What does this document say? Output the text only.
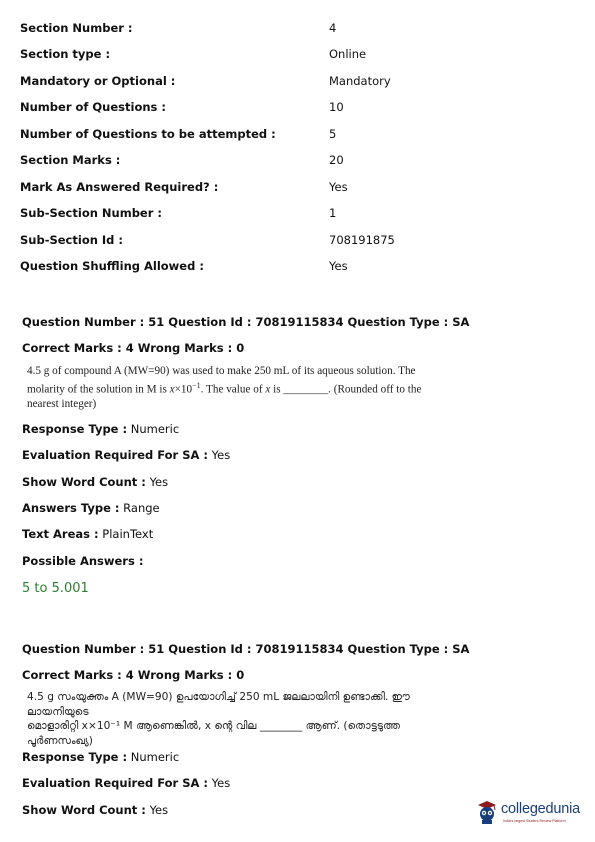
Section Number :	4
Section type :	Online
Mandatory or Optional :	Mandatory
Number of Questions :	10
Number of Questions to be attempted :	5
Section Marks :	20
Mark As Answered Required? :	Yes
Sub-Section Number :	1
Sub-Section Id :	708191875
Question Shuffling Allowed :	Yes
Question Number : 51 Question Id : 70819115834 Question Type : SA
Correct Marks : 4 Wrong Marks : 0
4.5 g of compound A (MW=90) was used to make 250 mL of its aqueous solution. The
molarity of the solution in M is $x\times 10^{-1}$. The value of x is ________. (Rounded off to the
nearest integer)
Response Type : Numeric
Evaluation Required For SA : Yes
Show Word Count : Yes
Answers Type : Range
Text Areas : PlainText
Possible Answers :
5 to 5.001
Question Number : 51 Question Id : 70819115834 Question Type : SA
Correct Marks : 4 Wrong Marks : 0
4.5 g സംയുക്തം A (MW=90) ഉപയോഗിച്ച് 250 mL ജലലായിനി ഉണ്ടാക്കി. ഈ ലായനിയുടെ
മൊളാരിറ്റി x×10⁻¹ M ആണെങ്കിൽ, x ന്റെ വില ________ ആണ്. (തൊട്ടടുത്ത
പൂർണസംഖ്യ)
Response Type : Numeric
Evaluation Required For SA : Yes
Show Word Count : Yes	collegedunia
India's largest Student Review Platform
